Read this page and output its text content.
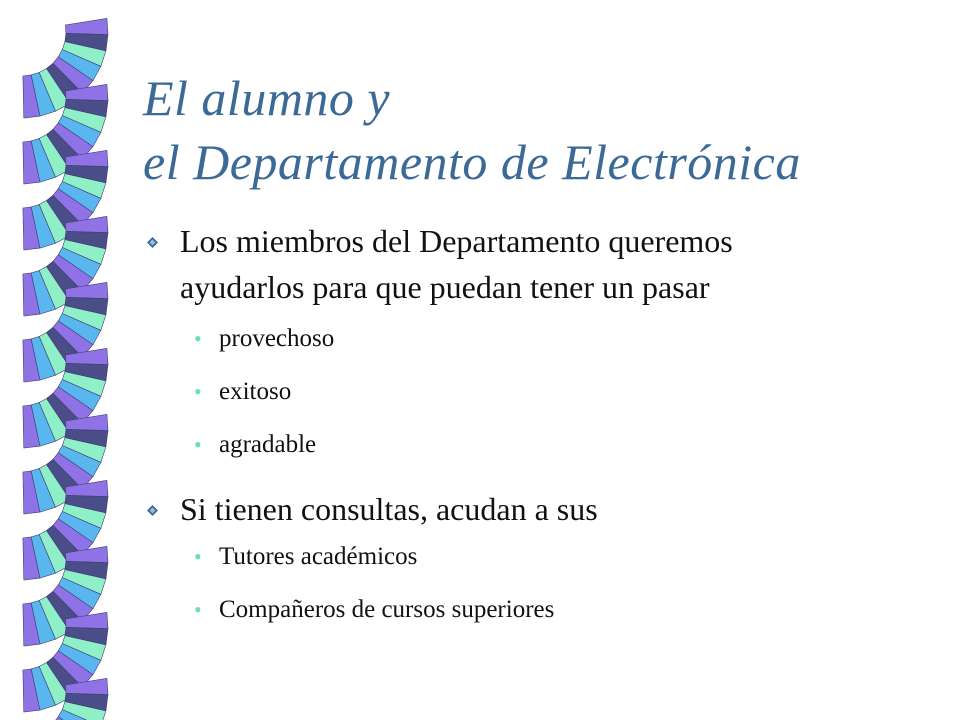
El alumno y
el Departamento de Electrónica
Los miembros del Departamento queremos
ayudarlos para que puedan tener un pasar
• provechoso
• exitoso
• agradable
Si tienen consultas, acudan a sus
• Tutores académicos
• Compañeros de cursos superiores
